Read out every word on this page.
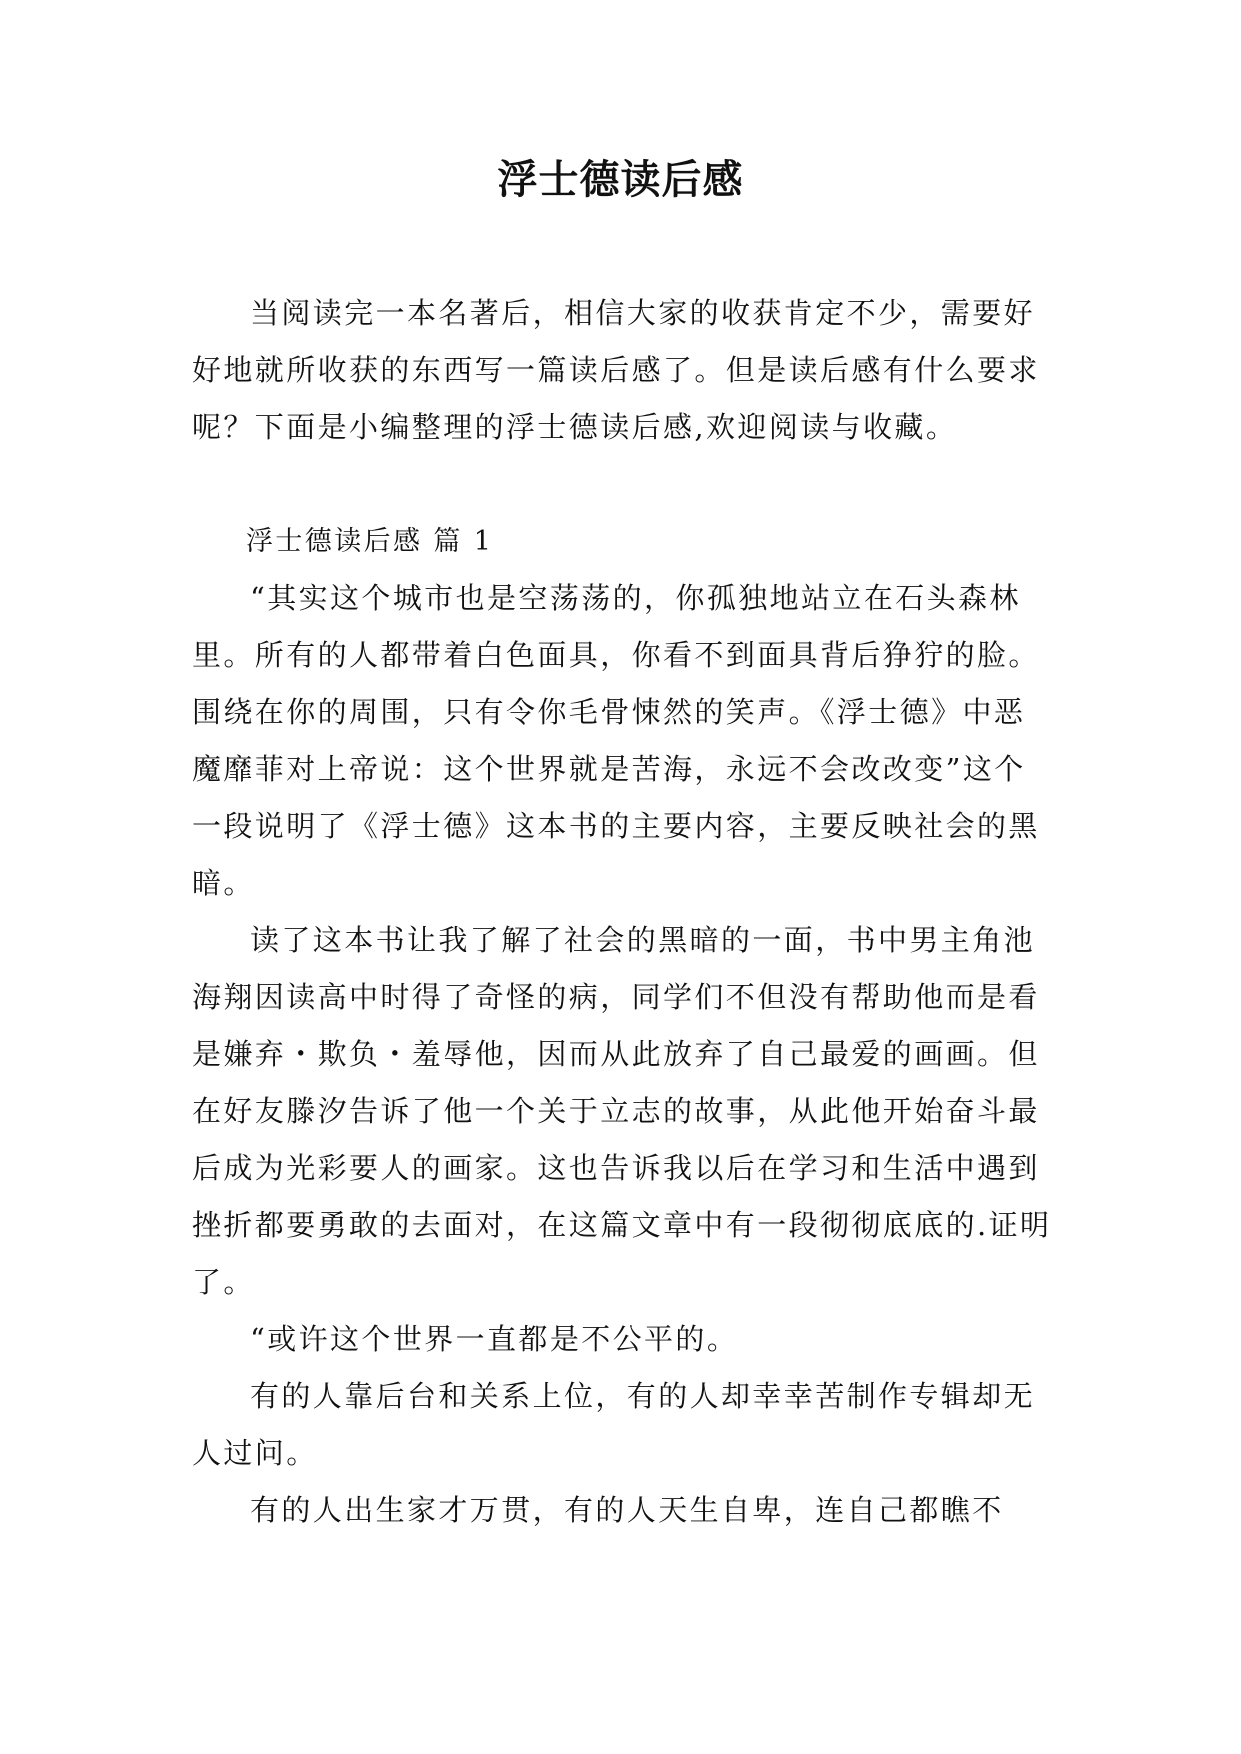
浮士德读后感

当阅读完一本名著后，相信大家的收获肯定不少，需要好好地就所收获的东西写一篇读后感了。但是读后感有什么要求呢？下面是小编整理的浮士德读后感,欢迎阅读与收藏。

浮士德读后感 篇 1

“其实这个城市也是空荡荡的，你孤独地站立在石头森林里。所有的人都带着白色面具，你看不到面具背后狰狞的脸。围绕在你的周围，只有令你毛骨悚然的笑声。《浮士德》中恶魔靡菲对上帝说：这个世界就是苦海，永远不会改改变”这个一段说明了《浮士德》这本书的主要内容，主要反映社会的黑暗。

读了这本书让我了解了社会的黑暗的一面，书中男主角池海翔因读高中时得了奇怪的病，同学们不但没有帮助他而是看是嫌弃・欺负・羞辱他，因而从此放弃了自己最爱的画画。但在好友滕汐告诉了他一个关于立志的故事，从此他开始奋斗最后成为光彩要人的画家。这也告诉我以后在学习和生活中遇到挫折都要勇敢的去面对，在这篇文章中有一段彻彻底底的.证明了。

“或许这个世界一直都是不公平的。

有的人靠后台和关系上位，有的人却幸幸苦制作专辑却无人过问。

有的人出生家才万贯，有的人天生自卑，连自己都瞧不
